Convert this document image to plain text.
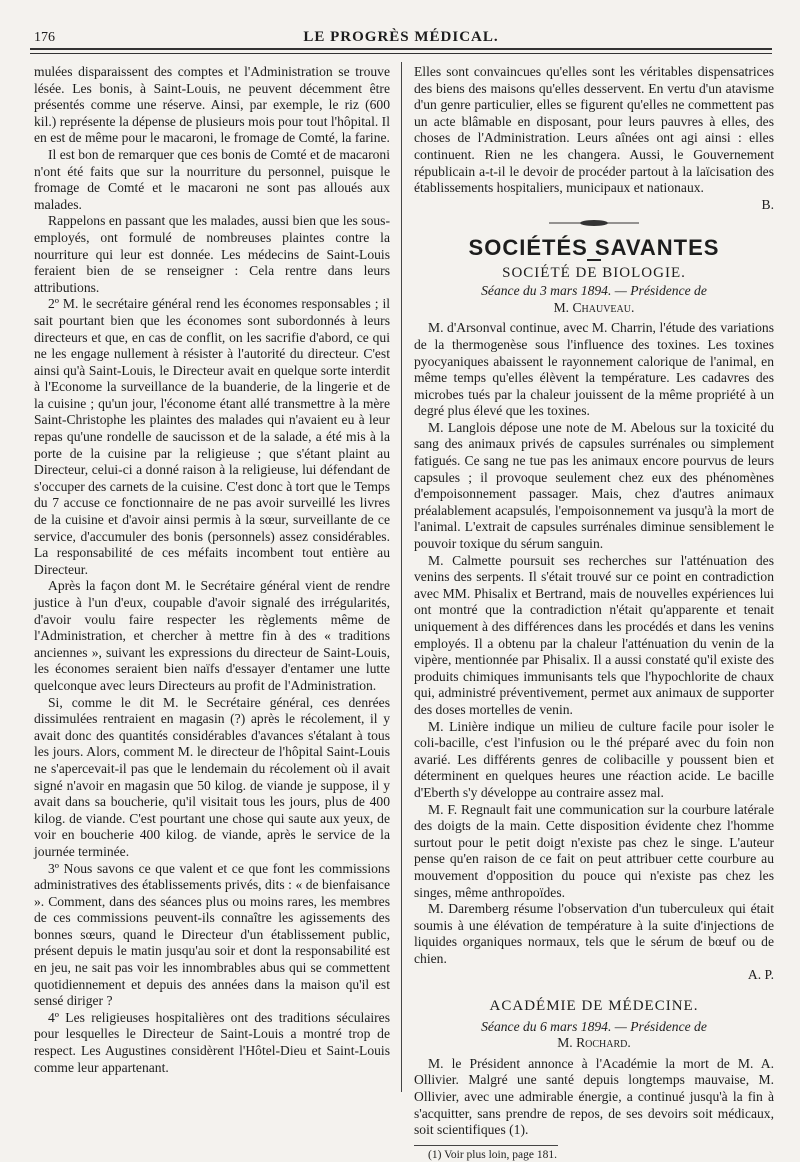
176	LE PROGRÈS MÉDICAL.

mulées disparaissent des comptes et l'Administration se trouve lésée. Les bonis, à Saint-Louis, ne peuvent décemment être présentés comme une réserve. Ainsi, par exemple, le riz (600 kil.) représente la dépense de plusieurs mois pour tout l'hôpital. Il en est de même pour le macaroni, le fromage de Comté, la farine.

Il est bon de remarquer que ces bonis de Comté et de macaroni n'ont été faits que sur la nourriture du personnel, puisque le fromage de Comté et le macaroni ne sont pas alloués aux malades.

Rappelons en passant que les malades, aussi bien que les sous-employés, ont formulé de nombreuses plaintes contre la nourriture qui leur est donnée. Les médecins de Saint-Louis feraient bien de se renseigner : Cela rentre dans leurs attributions.

2º M. le secrétaire général rend les économes responsables ; il sait pourtant bien que les économes sont subordonnés à leurs directeurs et que, en cas de conflit, on les sacrifie d'abord, ce qui ne les engage nullement à résister à l'autorité du directeur. C'est ainsi qu'à Saint-Louis, le Directeur avait en quelque sorte interdit à l'Econome la surveillance de la buanderie, de la lingerie et de la cuisine ; qu'un jour, l'économe étant allé transmettre à la mère Saint-Christophe les plaintes des malades qui n'avaient eu à leur repas qu'une rondelle de saucisson et de la salade, a été mis à la porte de la cuisine par la religieuse ; que s'étant plaint au Directeur, celui-ci a donné raison à la religieuse, lui défendant de s'occuper des carnets de la cuisine. C'est donc à tort que le Temps du 7 accuse ce fonctionnaire de ne pas avoir surveillé les livres de la cuisine et d'avoir ainsi permis à la sœur, surveillante de ce service, d'accumuler des bonis (personnels) assez considérables. La responsabilité de ces méfaits incombent tout entière au Directeur.

Après la façon dont M. le Secrétaire général vient de rendre justice à l'un d'eux, coupable d'avoir signalé des irrégularités, d'avoir voulu faire respecter les règlements même de l'Administration, et chercher à mettre fin à des « traditions anciennes », suivant les expressions du directeur de Saint-Louis, les économes seraient bien naïfs d'essayer d'entamer une lutte quelconque avec leurs Directeurs au profit de l'Administration.

Si, comme le dit M. le Secrétaire général, ces denrées dissimulées rentraient en magasin (?) après le récolement, il y avait donc des quantités considérables d'avances s'étalant à tous les jours. Alors, comment M. le directeur de l'hôpital Saint-Louis ne s'apercevait-il pas que le lendemain du récolement où il avait signé n'avoir en magasin que 50 kilog. de viande je suppose, il y avait dans sa boucherie, qu'il visitait tous les jours, plus de 400 kilog. de viande. C'est pourtant une chose qui saute aux yeux, de voir en boucherie 400 kilog. de viande, après le service de la journée terminée.

3º Nous savons ce que valent et ce que font les commissions administratives des établissements privés, dits : « de bienfaisance ». Comment, dans des séances plus ou moins rares, les membres de ces commissions peuvent-ils connaître les agissements des bonnes sœurs, quand le Directeur d'un établissement public, présent depuis le matin jusqu'au soir et dont la responsabilité est en jeu, ne sait pas voir les innombrables abus qui se commettent quotidiennement et depuis des années dans la maison qu'il est sensé diriger ?

4º Les religieuses hospitalières ont des traditions séculaires pour lesquelles le Directeur de Saint-Louis a montré trop de respect. Les Augustines considèrent l'Hôtel-Dieu et Saint-Louis comme leur appartenant.

Elles sont convaincues qu'elles sont les véritables dispensatrices des biens des maisons qu'elles desservent. En vertu d'un atavisme d'un genre particulier, elles se figurent qu'elles ne commettent pas un acte blâmable en disposant, pour leurs pauvres à elles, des choses de l'Administration. Leurs aînées ont agi ainsi : elles continuent. Rien ne les changera. Aussi, le Gouvernement républicain a-t-il le devoir de procéder partout à la laïcisation des établissements hospitaliers, municipaux et nationaux.

B.
SOCIÉTÉS SAVANTES
SOCIÉTÉ DE BIOLOGIE.
Séance du 3 mars 1894. — Présidence de
M. Chauveau.

M. d'Arsonval continue, avec M. Charrin, l'étude des variations de la thermogenèse sous l'influence des toxines. Les toxines pyocyaniques abaissent le rayonnement calorique de l'animal, en même temps qu'elles élèvent la température. Les cadavres des microbes tués par la chaleur jouissent de la même propriété à un degré plus élevé que les toxines.

M. Langlois dépose une note de M. Abelous sur la toxicité du sang des animaux privés de capsules surrénales ou simplement fatigués. Ce sang ne tue pas les animaux encore pourvus de leurs capsules ; il provoque seulement chez eux des phénomènes d'empoisonnement passager. Mais, chez d'autres animaux préalablement acapsulés, l'empoisonnement va jusqu'à la mort de l'animal. L'extrait de capsules surrénales diminue sensiblement le pouvoir toxique du sérum sanguin.

M. Calmette poursuit ses recherches sur l'atténuation des venins des serpents. Il s'était trouvé sur ce point en contradiction avec MM. Phisalix et Bertrand, mais de nouvelles expériences lui ont montré que la contradiction n'était qu'apparente et tenait uniquement à des différences dans les procédés et dans les venins employés. Il a obtenu par la chaleur l'atténuation du venin de la vipère, mentionnée par Phisalix. Il a aussi constaté qu'il existe des produits chimiques immunisants tels que l'hypochlorite de chaux qui, administré préventivement, permet aux animaux de supporter des doses mortelles de venin.

M. Linière indique un milieu de culture facile pour isoler le coli-bacille, c'est l'infusion ou le thé préparé avec du foin non avarié. Les différents genres de colibacille y poussent bien et déterminent en quelques heures une réaction acide. Le bacille d'Eberth s'y développe au contraire assez mal.

M. F. Regnault fait une communication sur la courbure latérale des doigts de la main. Cette disposition évidente chez l'homme surtout pour le petit doigt n'existe pas chez le singe. L'auteur pense qu'en raison de ce fait on peut attribuer cette courbure au mouvement d'opposition du pouce qui n'existe pas chez les singes, même anthropoïdes.

M. Daremberg résume l'observation d'un tuberculeux qui était soumis à une élévation de température à la suite d'injections de liquides organiques normaux, tels que le sérum de bœuf ou de chien.

A. P.
ACADÉMIE DE MÉDECINE.
Séance du 6 mars 1894. — Présidence de
M. Rochard.

M. le Président annonce à l'Académie la mort de M. A. Ollivier. Malgré une santé depuis longtemps mauvaise, M. Ollivier, avec une admirable énergie, a continué jusqu'à la fin à s'acquitter, sans prendre de repos, de ses devoirs soit médicaux, soit scientifiques (1).

(1) Voir plus loin, page 181.
